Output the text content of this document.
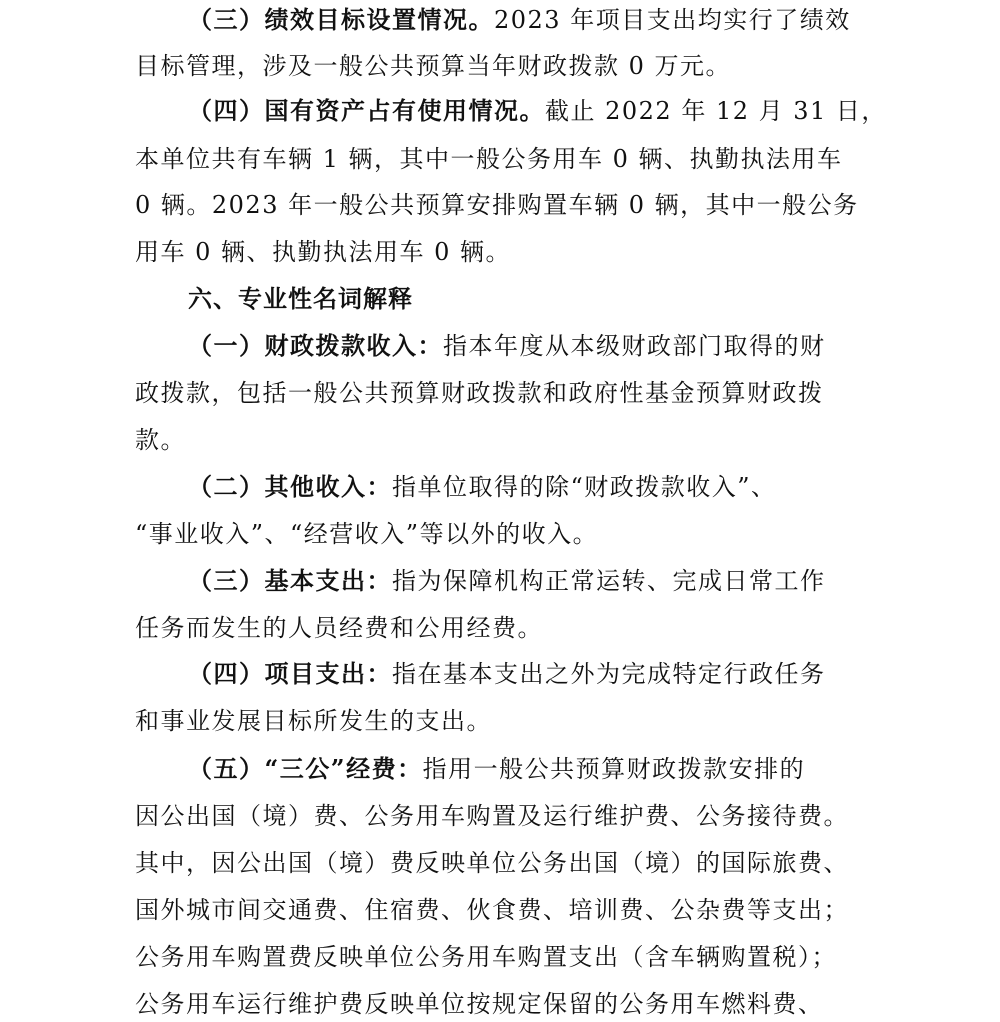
（三）绩效目标设置情况。2023 年项目支出均实行了绩效
目标管理，涉及一般公共预算当年财政拨款 0 万元。
（四）国有资产占有使用情况。截止 2022 年 12 月 31 日，
本单位共有车辆 1 辆，其中一般公务用车 0 辆、执勤执法用车
0 辆。2023 年一般公共预算安排购置车辆 0 辆，其中一般公务
用车 0 辆、执勤执法用车 0 辆。
六、专业性名词解释
（一）财政拨款收入：指本年度从本级财政部门取得的财
政拨款，包括一般公共预算财政拨款和政府性基金预算财政拨
款。
（二）其他收入：指单位取得的除“财政拨款收入”、
“事业收入”、“经营收入”等以外的收入。
（三）基本支出：指为保障机构正常运转、完成日常工作
任务而发生的人员经费和公用经费。
（四）项目支出：指在基本支出之外为完成特定行政任务
和事业发展目标所发生的支出。
（五）“三公”经费：指用一般公共预算财政拨款安排的
因公出国（境）费、公务用车购置及运行维护费、公务接待费。
其中，因公出国（境）费反映单位公务出国（境）的国际旅费、
国外城市间交通费、住宿费、伙食费、培训费、公杂费等支出；
公务用车购置费反映单位公务用车购置支出（含车辆购置税）；
公务用车运行维护费反映单位按规定保留的公务用车燃料费、
